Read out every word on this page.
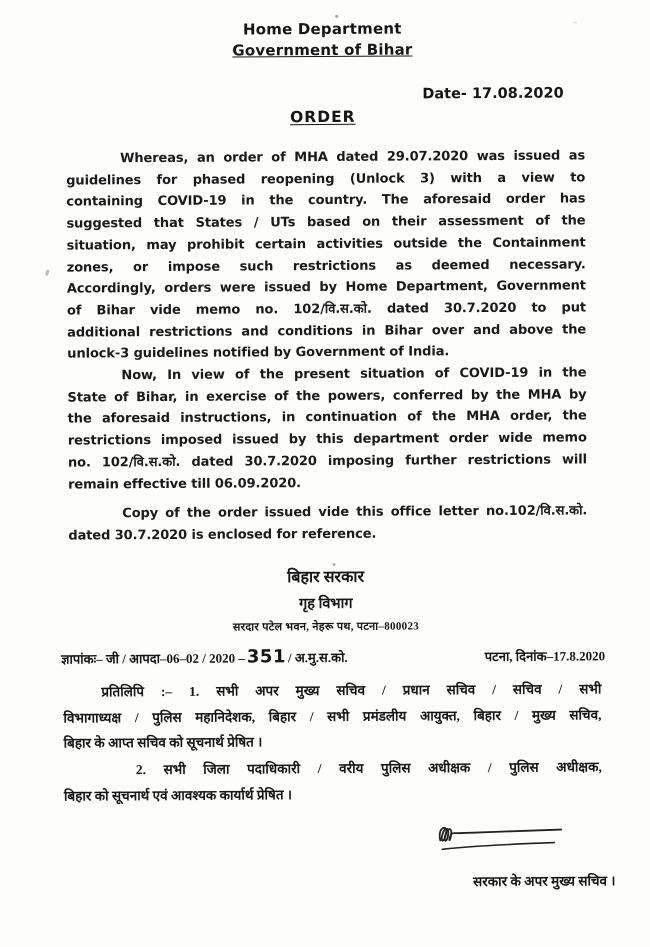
Home Department
Government of Bihar
Date- 17.08.2020
ORDER
Whereas, an order of MHA dated 29.07.2020 was issued as
guidelines for phased reopening (Unlock 3) with a view to
containing COVID-19 in the country. The aforesaid order has
suggested that States / UTs based on their assessment of the
situation, may prohibit certain activities outside the Containment
zones, or impose such restrictions as deemed necessary.
Accordingly, orders were issued by Home Department, Government
of Bihar vide memo no. 102/वि.स.को. dated 30.7.2020 to put
additional restrictions and conditions in Bihar over and above the
unlock-3 guidelines notified by Government of India.
Now, In view of the present situation of COVID-19 in the
State of Bihar, in exercise of the powers, conferred by the MHA by
the aforesaid instructions, in continuation of the MHA order, the
restrictions imposed issued by this department order wide memo
no. 102/वि.स.को. dated 30.7.2020 imposing further restrictions will
remain effective till 06.09.2020.
Copy of the order issued vide this office letter no.102/वि.स.को.
dated 30.7.2020 is enclosed for reference.
बिहार सरकार
गृह विभाग
सरदार पटेल भवन, नेहरू पथ, पटना–800023
ज्ञापांकः– जी / आपदा–06–02 / 2020 – 351 / अ.मु.स.को.	पटना, दिनांक–17.8.2020
प्रतिलिपि :– 1. सभी अपर मुख्य सचिव / प्रधान सचिव / सचिव / सभी
विभागाध्यक्ष / पुलिस महानिदेशक, बिहार / सभी प्रमंडलीय आयुक्त, बिहार / मुख्य सचिव,
बिहार के आप्त सचिव को सूचनार्थ प्रेषित ।
2. सभी जिला पदाधिकारी / वरीय पुलिस अधीक्षक / पुलिस अधीक्षक,
बिहार को सूचनार्थ एवं आवश्यक कार्यार्थ प्रेषित ।
सरकार के अपर मुख्य सचिव ।
